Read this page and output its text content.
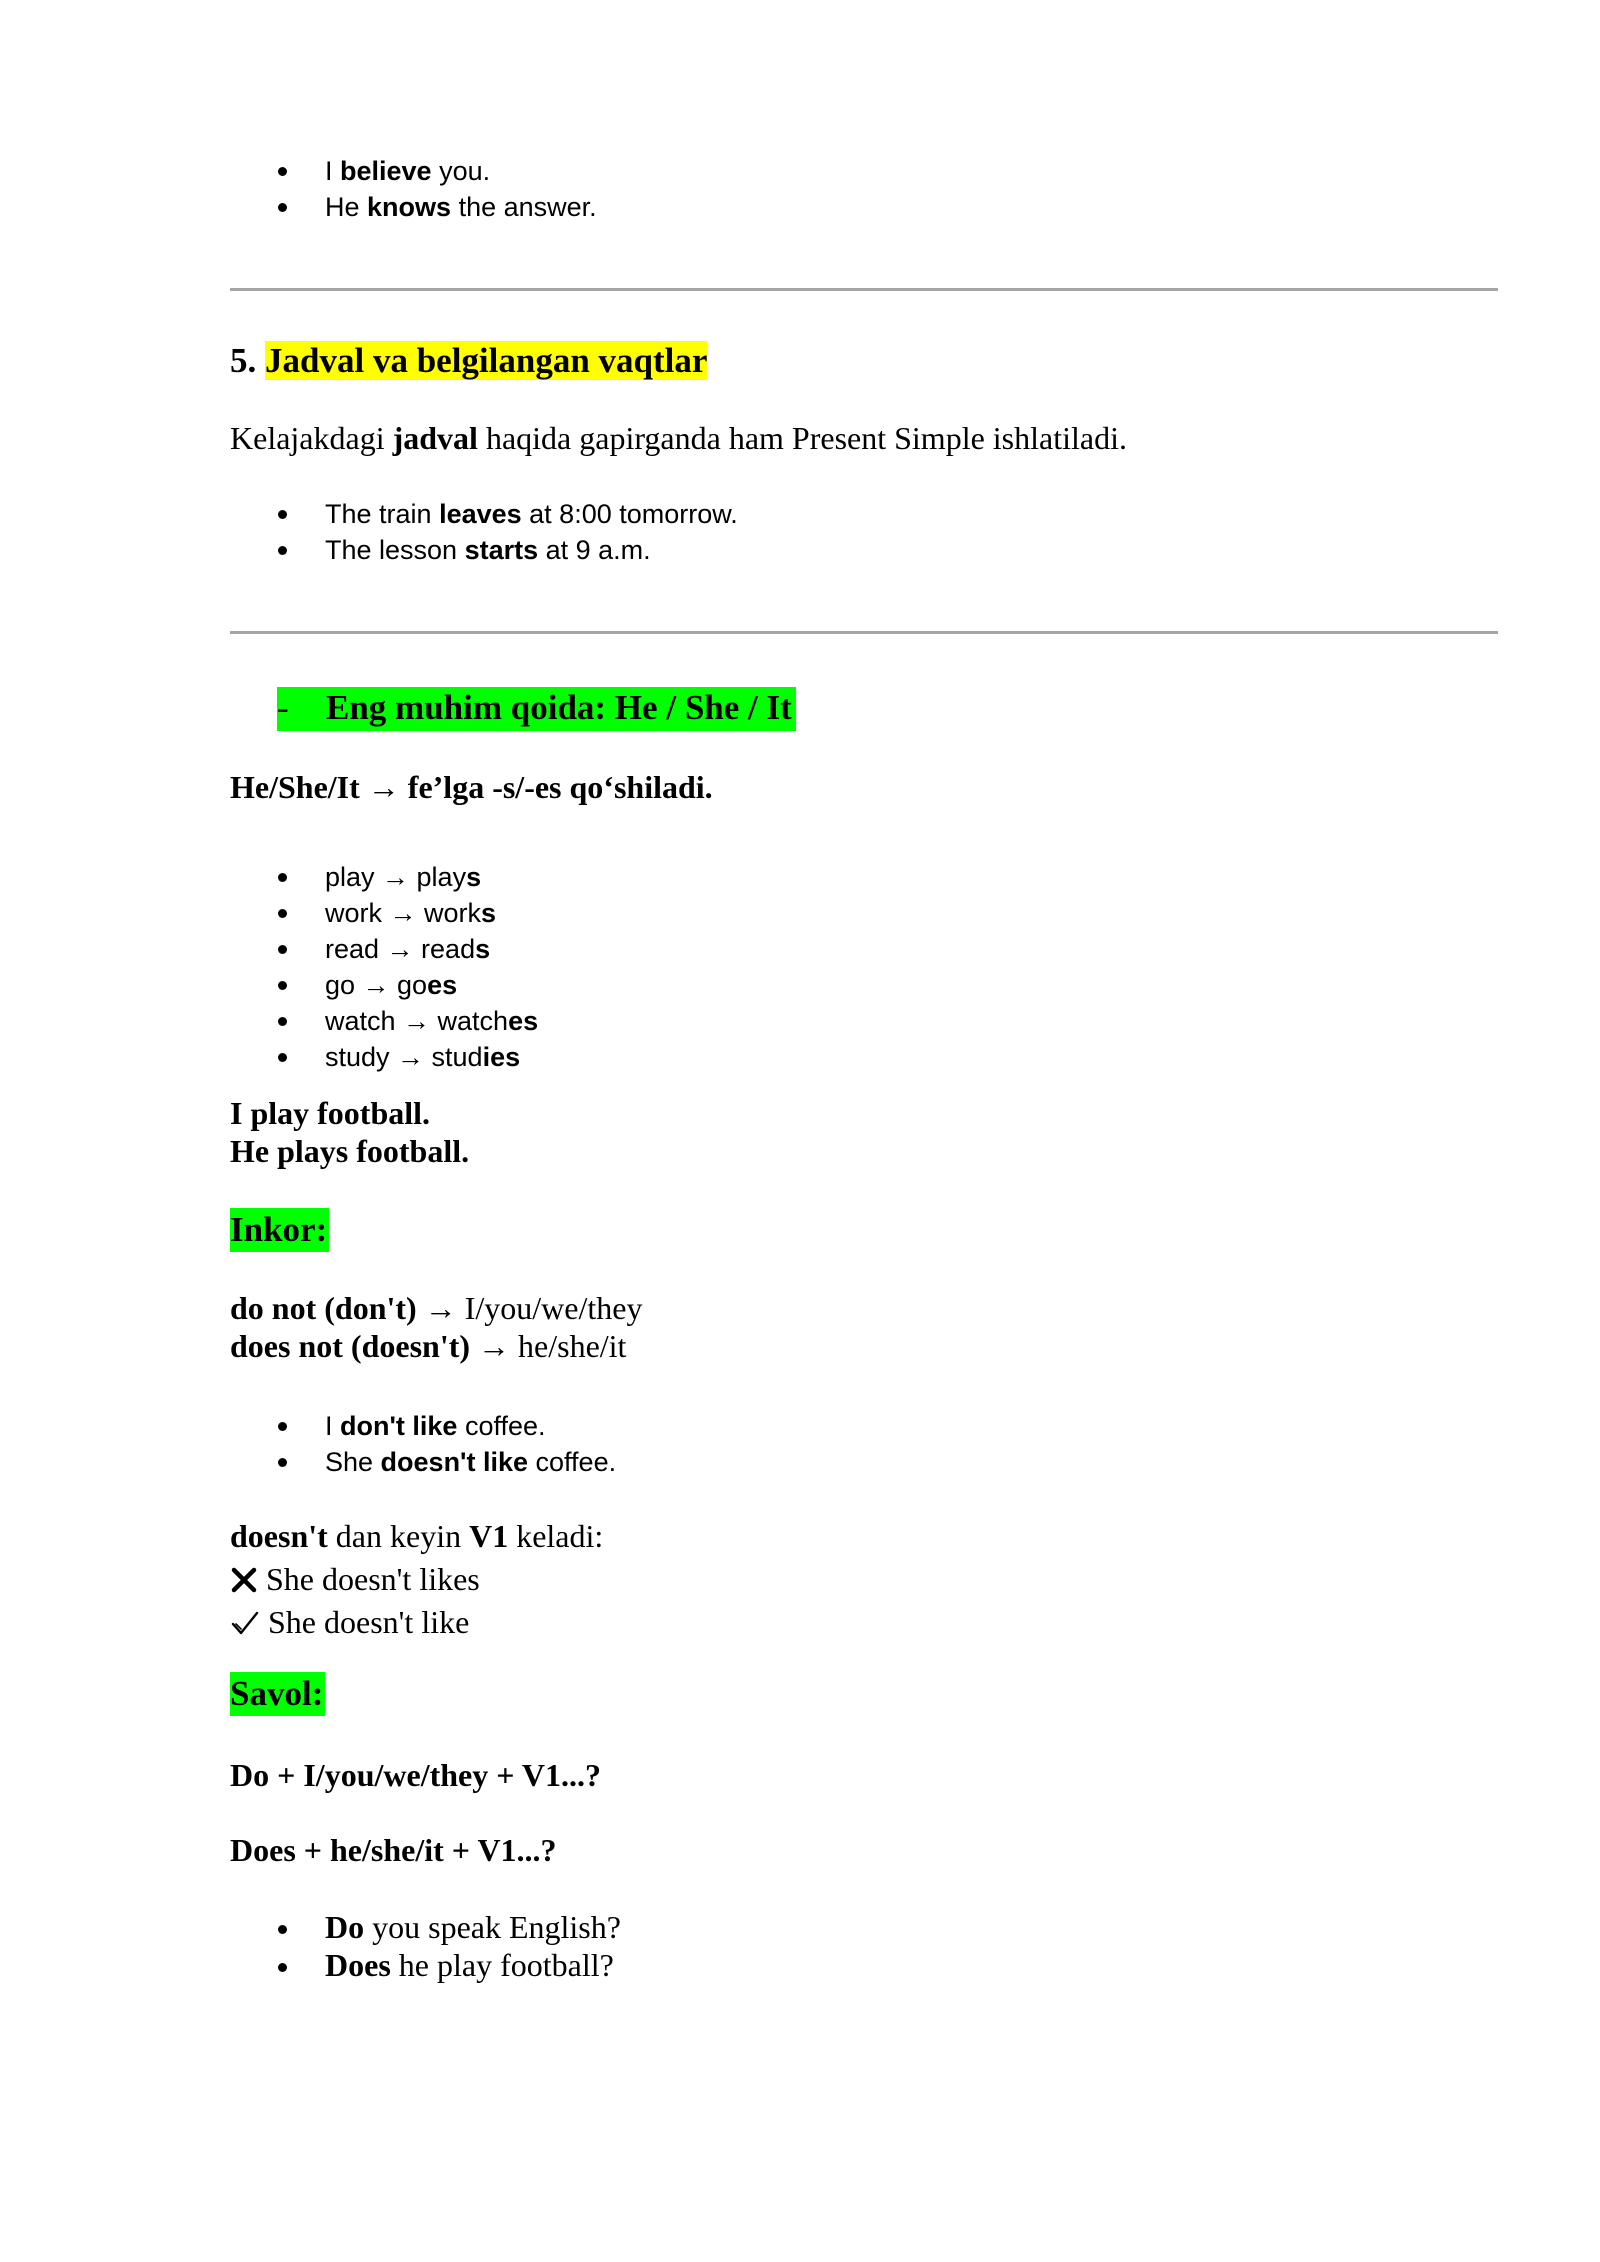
I believe you.
He knows the answer.
5. Jadval va belgilangan vaqtlar
Kelajakdagi jadval haqida gapirganda ham Present Simple ishlatiladi.
The train leaves at 8:00 tomorrow.
The lesson starts at 9 a.m.
- Eng muhim qoida: He / She / It
He/She/It → fe’lga -s/-es qo‘shiladi.
play → plays
work → works
read → reads
go → goes
watch → watches
study → studies
I play football.
He plays football.
Inkor:
do not (don't) → I/you/we/they
does not (doesn't) → he/she/it
I don't like coffee.
She doesn't like coffee.
doesn't dan keyin V1 keladi:
She doesn't likes
She doesn't like
Savol:
Do + I/you/we/they + V1...?
Does + he/she/it + V1...?
Do you speak English?
Does he play football?
